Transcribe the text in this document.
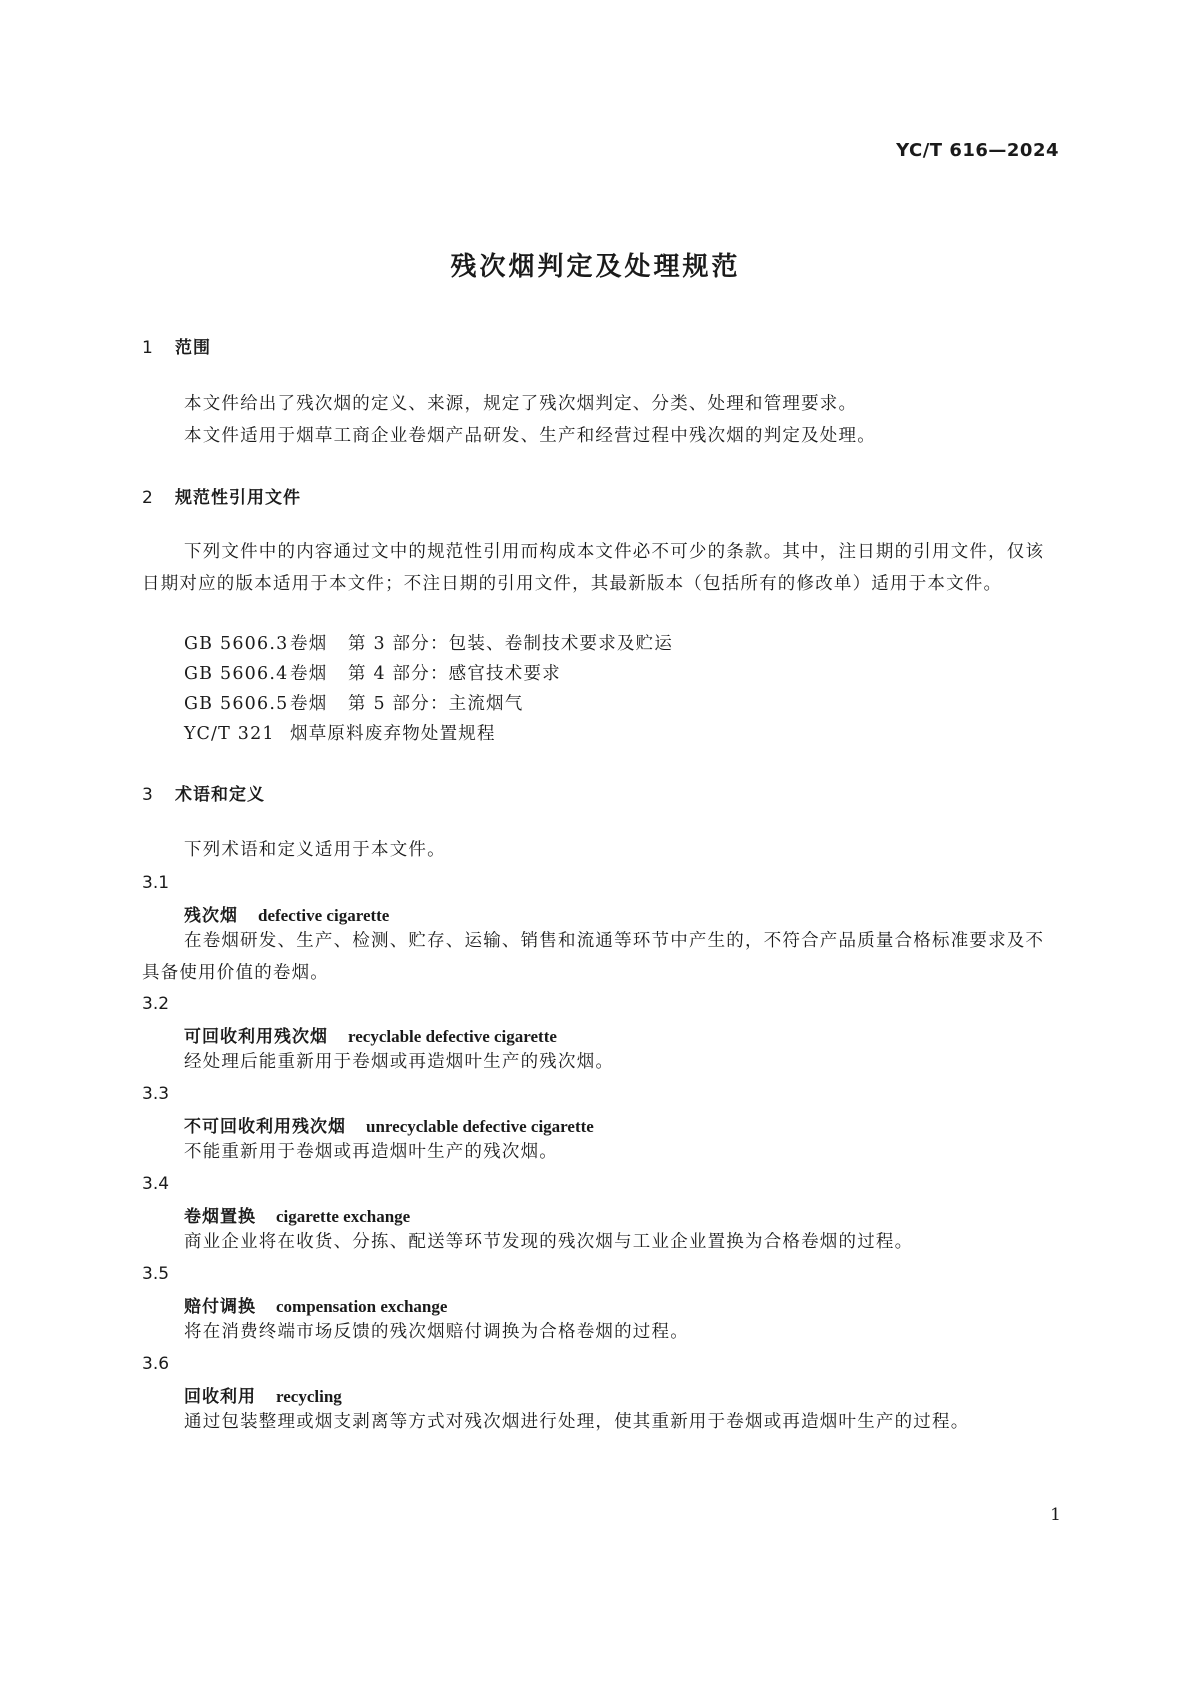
YC/T 616—2024
残次烟判定及处理规范
1 范围
本文件给出了残次烟的定义、来源，规定了残次烟判定、分类、处理和管理要求。
本文件适用于烟草工商企业卷烟产品研发、生产和经营过程中残次烟的判定及处理。
2 规范性引用文件
下列文件中的内容通过文中的规范性引用而构成本文件必不可少的条款。其中，注日期的引用文件，仅该日期对应的版本适用于本文件；不注日期的引用文件，其最新版本（包括所有的修改单）适用于本文件。
GB 5606.3卷烟 第 3 部分：包装、卷制技术要求及贮运
GB 5606.4卷烟 第 4 部分：感官技术要求
GB 5606.5卷烟 第 5 部分：主流烟气
YC/T 321 烟草原料废弃物处置规程
3 术语和定义
下列术语和定义适用于本文件。
3.1
残次烟 defective cigarette
在卷烟研发、生产、检测、贮存、运输、销售和流通等环节中产生的，不符合产品质量合格标准要求及不具备使用价值的卷烟。
3.2
可回收利用残次烟 recyclable defective cigarette
经处理后能重新用于卷烟或再造烟叶生产的残次烟。
3.3
不可回收利用残次烟 unrecyclable defective cigarette
不能重新用于卷烟或再造烟叶生产的残次烟。
3.4
卷烟置换 cigarette exchange
商业企业将在收货、分拣、配送等环节发现的残次烟与工业企业置换为合格卷烟的过程。
3.5
赔付调换 compensation exchange
将在消费终端市场反馈的残次烟赔付调换为合格卷烟的过程。
3.6
回收利用 recycling
通过包装整理或烟支剥离等方式对残次烟进行处理，使其重新用于卷烟或再造烟叶生产的过程。
1
